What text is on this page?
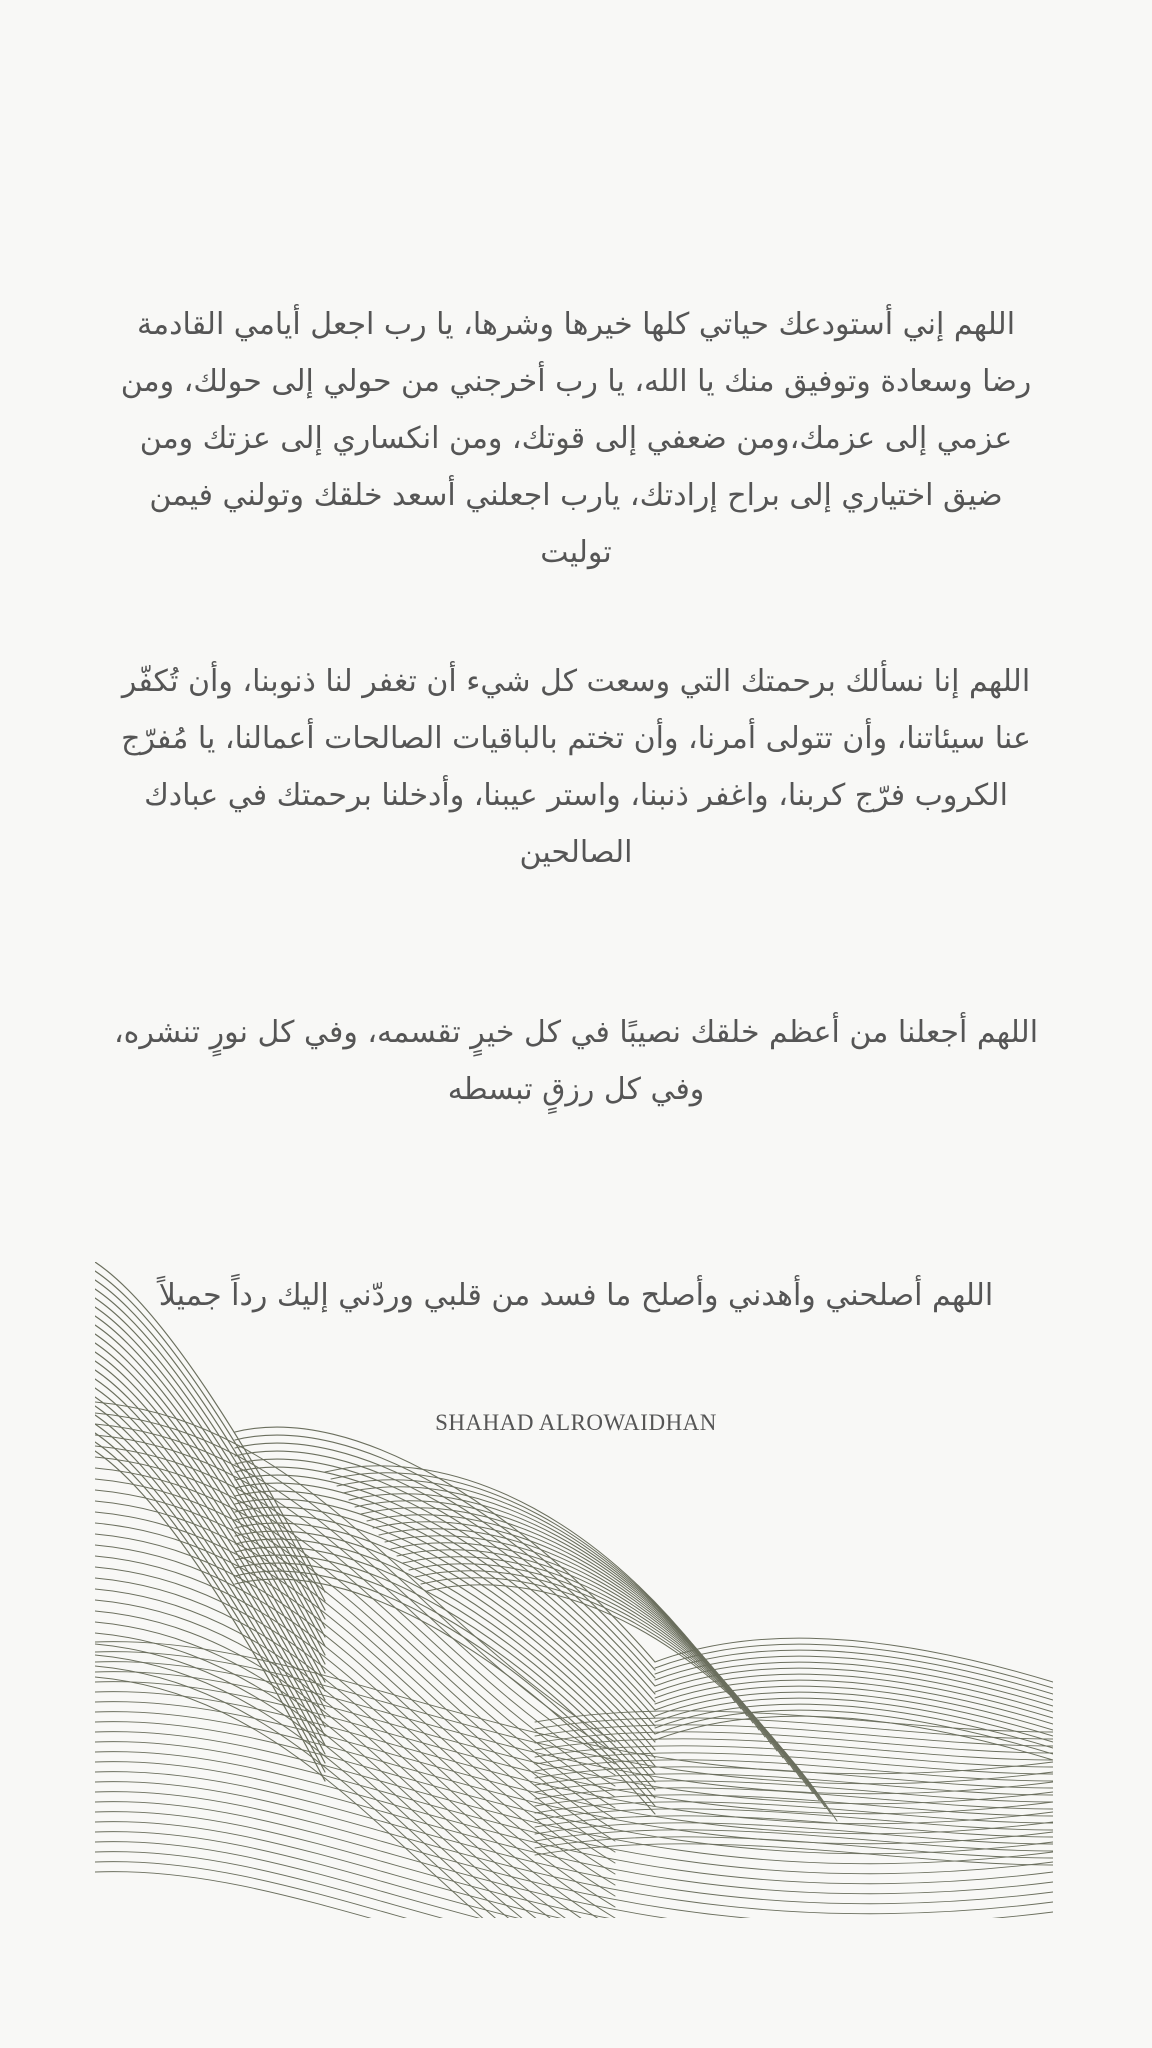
اللهم إني أستودعك حياتي كلها خيرها وشرها، يا رب اجعل أيامي القادمة رضا وسعادة وتوفيق منك يا الله، يا رب أخرجني من حولي إلى حولك، ومن عزمي إلى عزمك،ومن ضعفي إلى قوتك، ومن انكساري إلى عزتك ومن ضيق اختياري إلى براح إرادتك، يارب اجعلني أسعد خلقك وتولني فيمن توليت
اللهم إنا نسألك برحمتك التي وسعت كل شيء أن تغفر لنا ذنوبنا، وأن تُكفّر عنا سيئاتنا، وأن تتولى أمرنا، وأن تختم بالباقيات الصالحات أعمالنا، يا مُفرّج الكروب فرّج كربنا، واغفر ذنبنا، واستر عيبنا، وأدخلنا برحمتك في عبادك الصالحين
اللهم أجعلنا من أعظم خلقك نصيبًا في كل خيرٍ تقسمه، وفي كل نورٍ تنشره، وفي كل رزقٍ تبسطه
اللهم أصلحني وأهدني وأصلح ما فسد من قلبي وردّني إليك رداً جميلاً
SHAHAD ALROWAIDHAN
